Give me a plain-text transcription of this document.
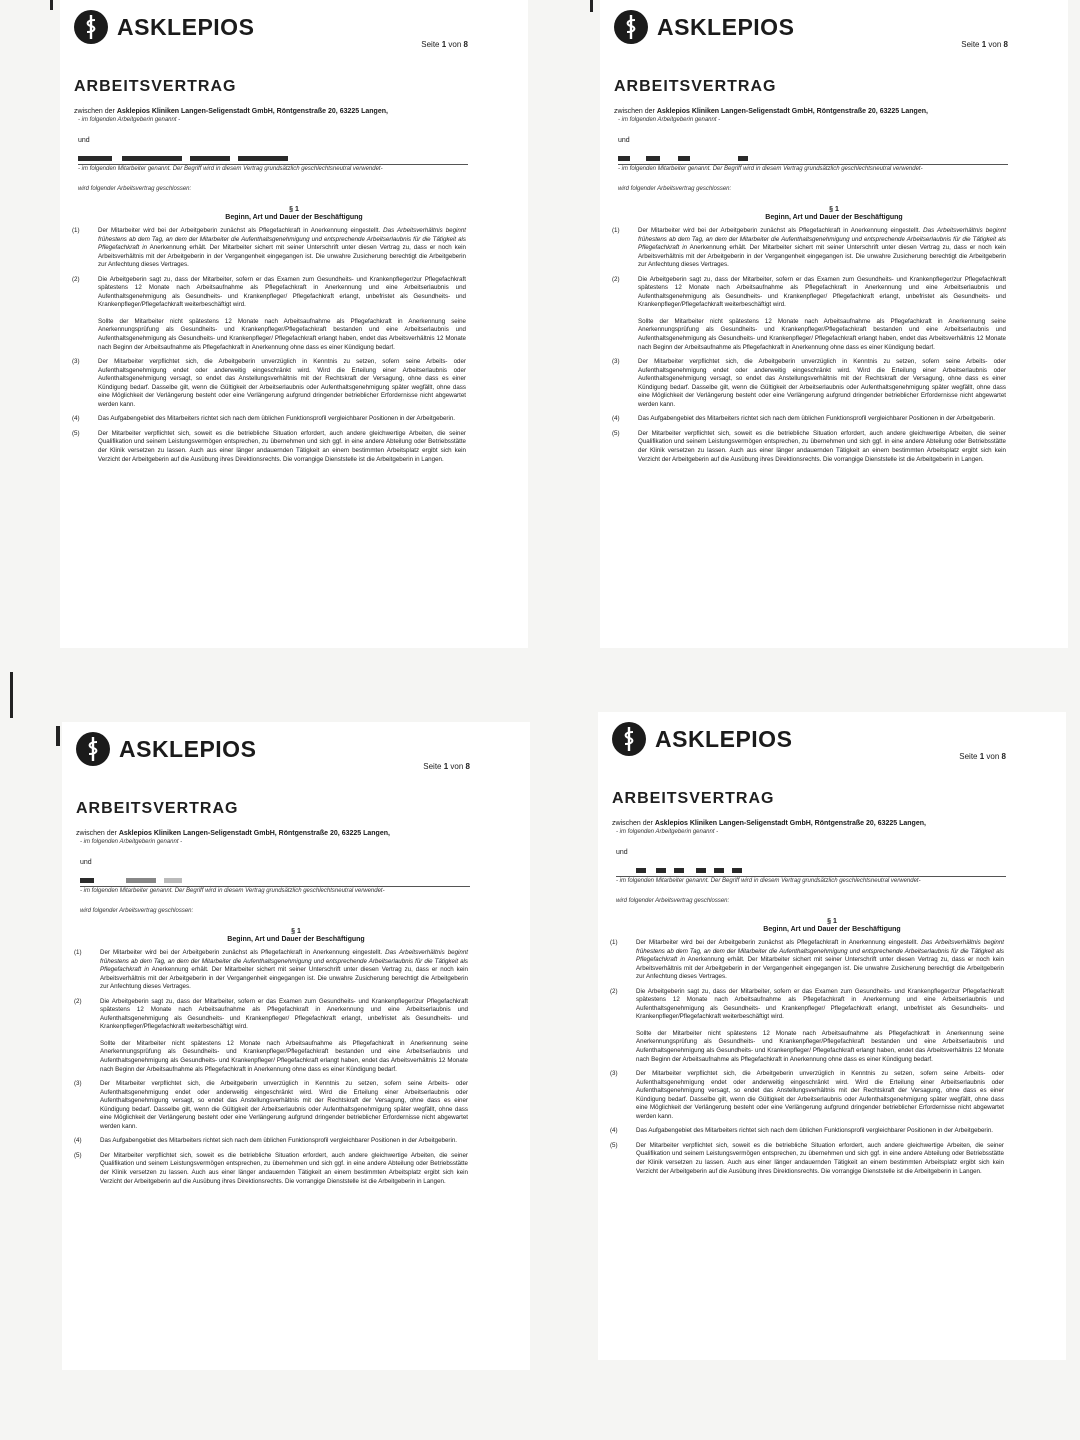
ASKLEPIOS
Seite 1 von 8
ARBEITSVERTRAG
zwischen der Asklepios Kliniken Langen-Seligenstadt GmbH, Röntgenstraße 20, 63225 Langen,
- im folgenden Arbeitgeberin genannt -
und
- im folgenden Mitarbeiter genannt. Der Begriff wird in diesem Vertrag grundsätzlich geschlechtsneutral verwendet-
wird folgender Arbeitsvertrag geschlossen:
§ 1
Beginn, Art und Dauer der Beschäftigung
(1)	Der Mitarbeiter wird bei der Arbeitgeberin zunächst als Pflegefachkraft in Anerkennung eingestellt. Das Arbeitsverhältnis beginnt frühestens ab dem Tag, an dem der Mitarbeiter die Aufenthaltsgenehmigung und entsprechende Arbeitserlaubnis für die Tätigkeit als Pflegefachkraft in Anerkennung erhält. Der Mitarbeiter sichert mit seiner Unterschrift unter diesen Vertrag zu, dass er noch kein Arbeitsverhältnis mit der Arbeitgeberin in der Vergangenheit eingegangen ist. Die unwahre Zusicherung berechtigt die Arbeitgeberin zur Anfechtung dieses Vertrages.
(2)	Die Arbeitgeberin sagt zu, dass der Mitarbeiter, sofern er das Examen zum Gesundheits- und Krankenpfleger/zur Pflegefachkraft spätestens 12 Monate nach Arbeitsaufnahme als Pflegefachkraft in Anerkennung und eine Arbeitserlaubnis und Aufenthaltsgenehmigung als Gesundheits- und Krankenpfleger/ Pflegefachkraft erlangt, unbefristet als Gesundheits- und Krankenpfleger/Pflegefachkraft weiterbeschäftigt wird.
Sollte der Mitarbeiter nicht spätestens 12 Monate nach Arbeitsaufnahme als Pflegefachkraft in Anerkennung seine Anerkennungsprüfung als Gesundheits- und Krankenpfleger/Pflegefachkraft bestanden und eine Arbeitserlaubnis und Aufenthaltsgenehmigung als Gesundheits- und Krankenpfleger/ Pflegefachkraft erlangt haben, endet das Arbeitsverhältnis 12 Monate nach Beginn der Arbeitsaufnahme als Pflegefachkraft in Anerkennung ohne dass es einer Kündigung bedarf.
(3)	Der Mitarbeiter verpflichtet sich, die Arbeitgeberin unverzüglich in Kenntnis zu setzen, sofern seine Arbeits- oder Aufenthaltsgenehmigung endet oder anderweitig eingeschränkt wird. Wird die Erteilung einer Arbeitserlaubnis oder Aufenthaltsgenehmigung versagt, so endet das Anstellungsverhältnis mit der Rechtskraft der Versagung, ohne dass es einer Kündigung bedarf. Dasselbe gilt, wenn die Gültigkeit der Arbeitserlaubnis oder Aufenthaltsgenehmigung später wegfällt, ohne dass eine Möglichkeit der Verlängerung besteht oder eine Verlängerung aufgrund dringender betrieblicher Erfordernisse nicht abgewartet werden kann.
(4)	Das Aufgabengebiet des Mitarbeiters richtet sich nach dem üblichen Funktionsprofil vergleichbarer Positionen in der Arbeitgeberin.
(5)	Der Mitarbeiter verpflichtet sich, soweit es die betriebliche Situation erfordert, auch andere gleichwertige Arbeiten, die seiner Qualifikation und seinem Leistungsvermögen entsprechen, zu übernehmen und sich ggf. in eine andere Abteilung oder Betriebsstätte der Klinik versetzen zu lassen. Auch aus einer länger andauernden Tätigkeit an einem bestimmten Arbeitsplatz ergibt sich kein Verzicht der Arbeitgeberin auf die Ausübung ihres Direktionsrechts. Die vorrangige Dienststelle ist die Arbeitgeberin in Langen.
ASKLEPIOS
Seite 1 von 8
ARBEITSVERTRAG
zwischen der Asklepios Kliniken Langen-Seligenstadt GmbH, Röntgenstraße 20, 63225 Langen,
- im folgenden Arbeitgeberin genannt -
und
- im folgenden Mitarbeiter genannt. Der Begriff wird in diesem Vertrag grundsätzlich geschlechtsneutral verwendet-
wird folgender Arbeitsvertrag geschlossen:
§ 1
Beginn, Art und Dauer der Beschäftigung
(1)	Der Mitarbeiter wird bei der Arbeitgeberin zunächst als Pflegefachkraft in Anerkennung eingestellt. Das Arbeitsverhältnis beginnt frühestens ab dem Tag, an dem der Mitarbeiter die Aufenthaltsgenehmigung und entsprechende Arbeitserlaubnis für die Tätigkeit als Pflegefachkraft in Anerkennung erhält. Der Mitarbeiter sichert mit seiner Unterschrift unter diesen Vertrag zu, dass er noch kein Arbeitsverhältnis mit der Arbeitgeberin in der Vergangenheit eingegangen ist. Die unwahre Zusicherung berechtigt die Arbeitgeberin zur Anfechtung dieses Vertrages.
(2)	Die Arbeitgeberin sagt zu, dass der Mitarbeiter, sofern er das Examen zum Gesundheits- und Krankenpfleger/zur Pflegefachkraft spätestens 12 Monate nach Arbeitsaufnahme als Pflegefachkraft in Anerkennung und eine Arbeitserlaubnis und Aufenthaltsgenehmigung als Gesundheits- und Krankenpfleger/ Pflegefachkraft erlangt, unbefristet als Gesundheits- und Krankenpfleger/Pflegefachkraft weiterbeschäftigt wird.
Sollte der Mitarbeiter nicht spätestens 12 Monate nach Arbeitsaufnahme als Pflegefachkraft in Anerkennung seine Anerkennungsprüfung als Gesundheits- und Krankenpfleger/Pflegefachkraft bestanden und eine Arbeitserlaubnis und Aufenthaltsgenehmigung als Gesundheits- und Krankenpfleger/ Pflegefachkraft erlangt haben, endet das Arbeitsverhältnis 12 Monate nach Beginn der Arbeitsaufnahme als Pflegefachkraft in Anerkennung ohne dass es einer Kündigung bedarf.
(3)	Der Mitarbeiter verpflichtet sich, die Arbeitgeberin unverzüglich in Kenntnis zu setzen, sofern seine Arbeits- oder Aufenthaltsgenehmigung endet oder anderweitig eingeschränkt wird. Wird die Erteilung einer Arbeitserlaubnis oder Aufenthaltsgenehmigung versagt, so endet das Anstellungsverhältnis mit der Rechtskraft der Versagung, ohne dass es einer Kündigung bedarf. Dasselbe gilt, wenn die Gültigkeit der Arbeitserlaubnis oder Aufenthaltsgenehmigung später wegfällt, ohne dass eine Möglichkeit der Verlängerung besteht oder eine Verlängerung aufgrund dringender betrieblicher Erfordernisse nicht abgewartet werden kann.
(4)	Das Aufgabengebiet des Mitarbeiters richtet sich nach dem üblichen Funktionsprofil vergleichbarer Positionen in der Arbeitgeberin.
(5)	Der Mitarbeiter verpflichtet sich, soweit es die betriebliche Situation erfordert, auch andere gleichwertige Arbeiten, die seiner Qualifikation und seinem Leistungsvermögen entsprechen, zu übernehmen und sich ggf. in eine andere Abteilung oder Betriebsstätte der Klinik versetzen zu lassen. Auch aus einer länger andauernden Tätigkeit an einem bestimmten Arbeitsplatz ergibt sich kein Verzicht der Arbeitgeberin auf die Ausübung ihres Direktionsrechts. Die vorrangige Dienststelle ist die Arbeitgeberin in Langen.
ASKLEPIOS
Seite 1 von 8
ARBEITSVERTRAG
zwischen der Asklepios Kliniken Langen-Seligenstadt GmbH, Röntgenstraße 20, 63225 Langen,
- im folgenden Arbeitgeberin genannt -
und
- im folgenden Mitarbeiter genannt. Der Begriff wird in diesem Vertrag grundsätzlich geschlechtsneutral verwendet-
wird folgender Arbeitsvertrag geschlossen:
§ 1
Beginn, Art und Dauer der Beschäftigung
(1)	Der Mitarbeiter wird bei der Arbeitgeberin zunächst als Pflegefachkraft in Anerkennung eingestellt. Das Arbeitsverhältnis beginnt frühestens ab dem Tag, an dem der Mitarbeiter die Aufenthaltsgenehmigung und entsprechende Arbeitserlaubnis für die Tätigkeit als Pflegefachkraft in Anerkennung erhält. Der Mitarbeiter sichert mit seiner Unterschrift unter diesen Vertrag zu, dass er noch kein Arbeitsverhältnis mit der Arbeitgeberin in der Vergangenheit eingegangen ist. Die unwahre Zusicherung berechtigt die Arbeitgeberin zur Anfechtung dieses Vertrages.
(2)	Die Arbeitgeberin sagt zu, dass der Mitarbeiter, sofern er das Examen zum Gesundheits- und Krankenpfleger/zur Pflegefachkraft spätestens 12 Monate nach Arbeitsaufnahme als Pflegefachkraft in Anerkennung und eine Arbeitserlaubnis und Aufenthaltsgenehmigung als Gesundheits- und Krankenpfleger/ Pflegefachkraft erlangt, unbefristet als Gesundheits- und Krankenpfleger/Pflegefachkraft weiterbeschäftigt wird.
Sollte der Mitarbeiter nicht spätestens 12 Monate nach Arbeitsaufnahme als Pflegefachkraft in Anerkennung seine Anerkennungsprüfung als Gesundheits- und Krankenpfleger/Pflegefachkraft bestanden und eine Arbeitserlaubnis und Aufenthaltsgenehmigung als Gesundheits- und Krankenpfleger/ Pflegefachkraft erlangt haben, endet das Arbeitsverhältnis 12 Monate nach Beginn der Arbeitsaufnahme als Pflegefachkraft in Anerkennung ohne dass es einer Kündigung bedarf.
(3)	Der Mitarbeiter verpflichtet sich, die Arbeitgeberin unverzüglich in Kenntnis zu setzen, sofern seine Arbeits- oder Aufenthaltsgenehmigung endet oder anderweitig eingeschränkt wird. Wird die Erteilung einer Arbeitserlaubnis oder Aufenthaltsgenehmigung versagt, so endet das Anstellungsverhältnis mit der Rechtskraft der Versagung, ohne dass es einer Kündigung bedarf. Dasselbe gilt, wenn die Gültigkeit der Arbeitserlaubnis oder Aufenthaltsgenehmigung später wegfällt, ohne dass eine Möglichkeit der Verlängerung besteht oder eine Verlängerung aufgrund dringender betrieblicher Erfordernisse nicht abgewartet werden kann.
(4)	Das Aufgabengebiet des Mitarbeiters richtet sich nach dem üblichen Funktionsprofil vergleichbarer Positionen in der Arbeitgeberin.
(5)	Der Mitarbeiter verpflichtet sich, soweit es die betriebliche Situation erfordert, auch andere gleichwertige Arbeiten, die seiner Qualifikation und seinem Leistungsvermögen entsprechen, zu übernehmen und sich ggf. in eine andere Abteilung oder Betriebsstätte der Klinik versetzen zu lassen. Auch aus einer länger andauernden Tätigkeit an einem bestimmten Arbeitsplatz ergibt sich kein Verzicht der Arbeitgeberin auf die Ausübung ihres Direktionsrechts. Die vorrangige Dienststelle ist die Arbeitgeberin in Langen.
ASKLEPIOS
Seite 1 von 8
ARBEITSVERTRAG
zwischen der Asklepios Kliniken Langen-Seligenstadt GmbH, Röntgenstraße 20, 63225 Langen,
- im folgenden Arbeitgeberin genannt -
und
- im folgenden Mitarbeiter genannt. Der Begriff wird in diesem Vertrag grundsätzlich geschlechtsneutral verwendet-
wird folgender Arbeitsvertrag geschlossen:
§ 1
Beginn, Art und Dauer der Beschäftigung
(1)	Der Mitarbeiter wird bei der Arbeitgeberin zunächst als Pflegefachkraft in Anerkennung eingestellt. Das Arbeitsverhältnis beginnt frühestens ab dem Tag, an dem der Mitarbeiter die Aufenthaltsgenehmigung und entsprechende Arbeitserlaubnis für die Tätigkeit als Pflegefachkraft in Anerkennung erhält. Der Mitarbeiter sichert mit seiner Unterschrift unter diesen Vertrag zu, dass er noch kein Arbeitsverhältnis mit der Arbeitgeberin in der Vergangenheit eingegangen ist. Die unwahre Zusicherung berechtigt die Arbeitgeberin zur Anfechtung dieses Vertrages.
(2)	Die Arbeitgeberin sagt zu, dass der Mitarbeiter, sofern er das Examen zum Gesundheits- und Krankenpfleger/zur Pflegefachkraft spätestens 12 Monate nach Arbeitsaufnahme als Pflegefachkraft in Anerkennung und eine Arbeitserlaubnis und Aufenthaltsgenehmigung als Gesundheits- und Krankenpfleger/ Pflegefachkraft erlangt, unbefristet als Gesundheits- und Krankenpfleger/Pflegefachkraft weiterbeschäftigt wird.
Sollte der Mitarbeiter nicht spätestens 12 Monate nach Arbeitsaufnahme als Pflegefachkraft in Anerkennung seine Anerkennungsprüfung als Gesundheits- und Krankenpfleger/Pflegefachkraft bestanden und eine Arbeitserlaubnis und Aufenthaltsgenehmigung als Gesundheits- und Krankenpfleger/ Pflegefachkraft erlangt haben, endet das Arbeitsverhältnis 12 Monate nach Beginn der Arbeitsaufnahme als Pflegefachkraft in Anerkennung ohne dass es einer Kündigung bedarf.
(3)	Der Mitarbeiter verpflichtet sich, die Arbeitgeberin unverzüglich in Kenntnis zu setzen, sofern seine Arbeits- oder Aufenthaltsgenehmigung endet oder anderweitig eingeschränkt wird. Wird die Erteilung einer Arbeitserlaubnis oder Aufenthaltsgenehmigung versagt, so endet das Anstellungsverhältnis mit der Rechtskraft der Versagung, ohne dass es einer Kündigung bedarf. Dasselbe gilt, wenn die Gültigkeit der Arbeitserlaubnis oder Aufenthaltsgenehmigung später wegfällt, ohne dass eine Möglichkeit der Verlängerung besteht oder eine Verlängerung aufgrund dringender betrieblicher Erfordernisse nicht abgewartet werden kann.
(4)	Das Aufgabengebiet des Mitarbeiters richtet sich nach dem üblichen Funktionsprofil vergleichbarer Positionen in der Arbeitgeberin.
(5)	Der Mitarbeiter verpflichtet sich, soweit es die betriebliche Situation erfordert, auch andere gleichwertige Arbeiten, die seiner Qualifikation und seinem Leistungsvermögen entsprechen, zu übernehmen und sich ggf. in eine andere Abteilung oder Betriebsstätte der Klinik versetzen zu lassen. Auch aus einer länger andauernden Tätigkeit an einem bestimmten Arbeitsplatz ergibt sich kein Verzicht der Arbeitgeberin auf die Ausübung ihres Direktionsrechts. Die vorrangige Dienststelle ist die Arbeitgeberin in Langen.
